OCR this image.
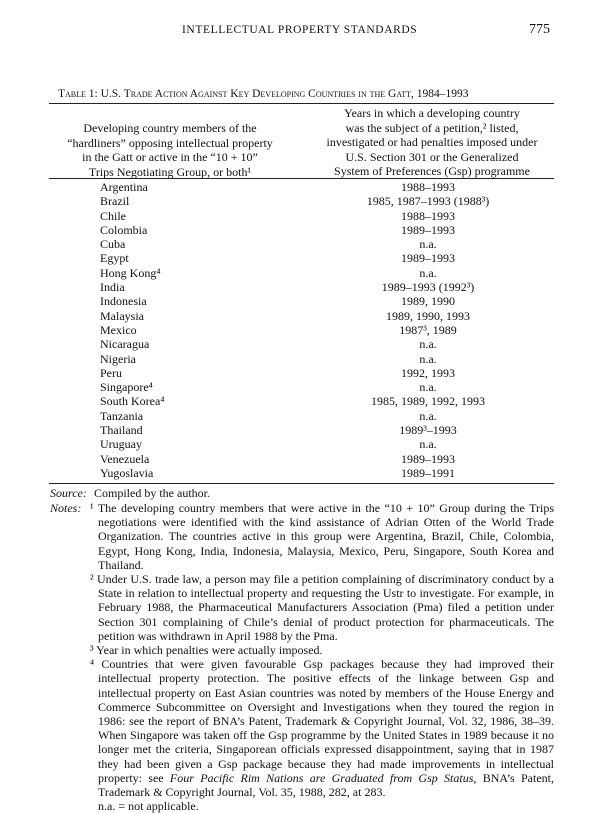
INTELLECTUAL PROPERTY STANDARDS	775
Table 1: U.S. Trade Action Against Key Developing Countries in the Gatt, 1984–1993
Developing country members of the
“hardliners” opposing intellectual property
in the Gatt or active in the “10 + 10”
Trips Negotiating Group, or both¹
Years in which a developing country
was the subject of a petition,² listed,
investigated or had penalties imposed under
U.S. Section 301 or the Generalized
System of Preferences (Gsp) programme
Argentina	1988–1993
Brazil	1985, 1987–1993 (1988³)
Chile	1988–1993
Colombia	1989–1993
Cuba	n.a.
Egypt	1989–1993
Hong Kong⁴	n.a.
India	1989–1993 (1992³)
Indonesia	1989, 1990
Malaysia	1989, 1990, 1993
Mexico	1987³, 1989
Nicaragua	n.a.
Nigeria	n.a.
Peru	1992, 1993
Singapore⁴	n.a.
South Korea⁴	1985, 1989, 1992, 1993
Tanzania	n.a.
Thailand	1989³–1993
Uruguay	n.a.
Venezuela	1989–1993
Yugoslavia	1989–1991
Source: Compiled by the author.
Notes: ¹ The developing country members that were active in the “10 + 10” Group during the Trips negotiations were identified with the kind assistance of Adrian Otten of the World Trade Organization. The countries active in this group were Argentina, Brazil, Chile, Colombia, Egypt, Hong Kong, India, Indonesia, Malaysia, Mexico, Peru, Singapore, South Korea and Thailand.

² Under U.S. trade law, a person may file a petition complaining of discriminatory conduct by a State in relation to intellectual property and requesting the Ustr to investigate. For example, in February 1988, the Pharmaceutical Manufacturers Association (Pma) filed a petition under Section 301 complaining of Chile’s denial of product protection for pharmaceuticals. The petition was withdrawn in April 1988 by the Pma.

³ Year in which penalties were actually imposed.

⁴ Countries that were given favourable Gsp packages because they had improved their intellectual property protection. The positive effects of the linkage between Gsp and intellectual property on East Asian countries was noted by members of the House Energy and Commerce Subcommittee on Oversight and Investigations when they toured the region in 1986: see the report of BNA’s Patent, Trademark & Copyright Journal, Vol. 32, 1986, 38–39. When Singapore was taken off the Gsp programme by the United States in 1989 because it no longer met the criteria, Singaporean officials expressed disappointment, saying that in 1987 they had been given a Gsp package because they had made improvements in intellectual property: see Four Pacific Rim Nations are Graduated from Gsp Status, BNA’s Patent, Trademark & Copyright Journal, Vol. 35, 1988, 282, at 283.

n.a. = not applicable.
